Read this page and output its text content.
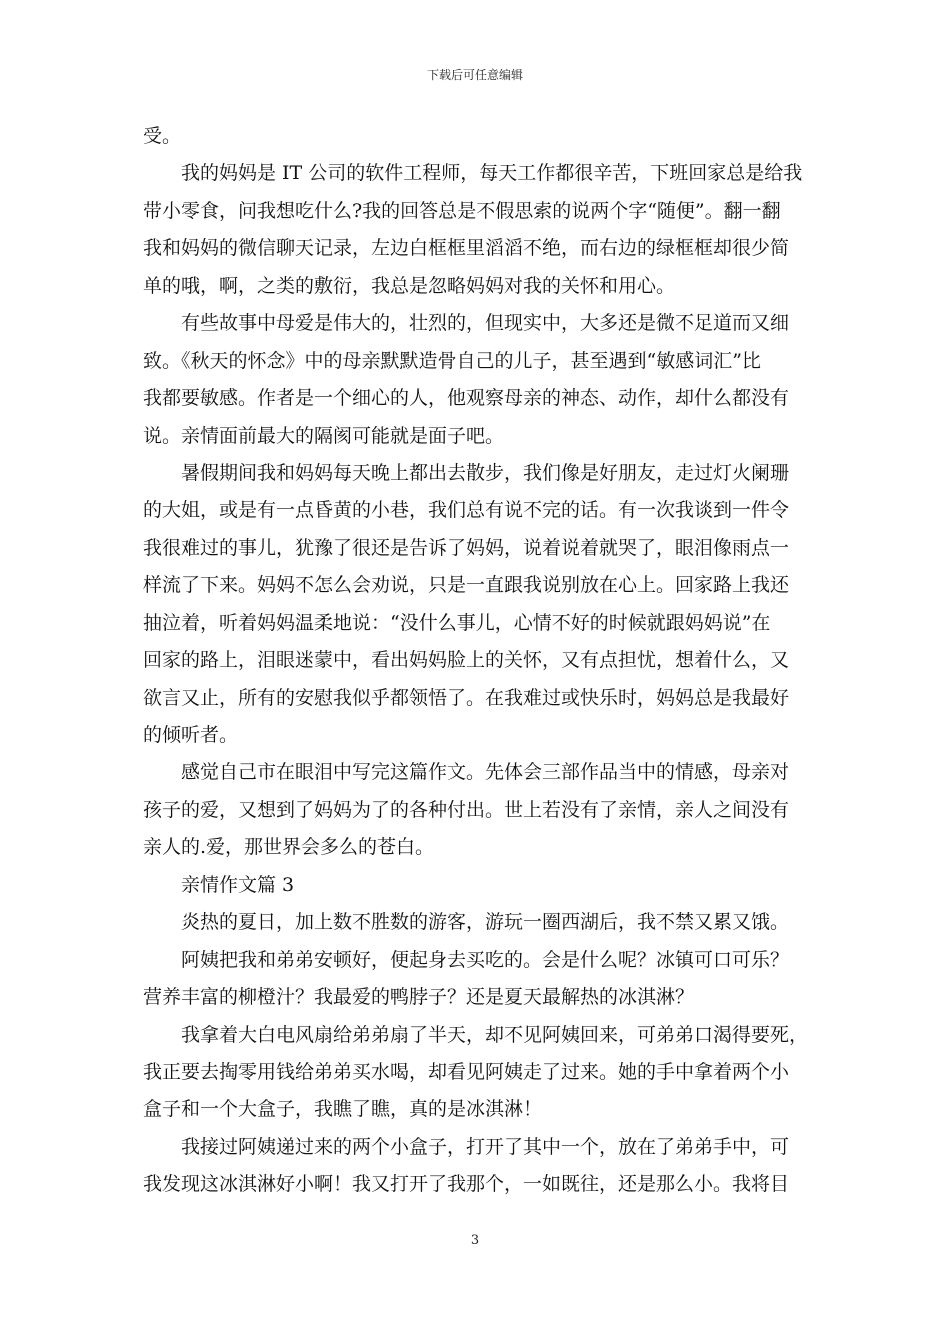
下载后可任意编辑
受。
我的妈妈是 IT 公司的软件工程师，每天工作都很辛苦，下班回家总是给我
带小零食，问我想吃什么?我的回答总是不假思索的说两个字“随便”。翻一翻
我和妈妈的微信聊天记录，左边白框框里滔滔不绝，而右边的绿框框却很少简
单的哦，啊，之类的敷衍，我总是忽略妈妈对我的关怀和用心。
有些故事中母爱是伟大的，壮烈的，但现实中，大多还是微不足道而又细
致。《秋天的怀念》中的母亲默默造骨自己的儿子，甚至遇到“敏感词汇”比
我都要敏感。作者是一个细心的人，他观察母亲的神态、动作，却什么都没有
说。亲情面前最大的隔阂可能就是面子吧。
暑假期间我和妈妈每天晚上都出去散步，我们像是好朋友，走过灯火阑珊
的大姐，或是有一点昏黄的小巷，我们总有说不完的话。有一次我谈到一件令
我很难过的事儿，犹豫了很还是告诉了妈妈，说着说着就哭了，眼泪像雨点一
样流了下来。妈妈不怎么会劝说，只是一直跟我说别放在心上。回家路上我还
抽泣着，听着妈妈温柔地说：“没什么事儿，心情不好的时候就跟妈妈说”在
回家的路上，泪眼迷蒙中，看出妈妈脸上的关怀，又有点担忧，想着什么，又
欲言又止，所有的安慰我似乎都领悟了。在我难过或快乐时，妈妈总是我最好
的倾听者。
感觉自己市在眼泪中写完这篇作文。先体会三部作品当中的情感，母亲对
孩子的爱，又想到了妈妈为了的各种付出。世上若没有了亲情，亲人之间没有
亲人的.爱，那世界会多么的苍白。
亲情作文篇 3
炎热的夏日，加上数不胜数的游客，游玩一圈西湖后，我不禁又累又饿。
阿姨把我和弟弟安顿好，便起身去买吃的。会是什么呢？冰镇可口可乐？
营养丰富的柳橙汁？我最爱的鸭脖子？还是夏天最解热的冰淇淋？
我拿着大白电风扇给弟弟扇了半天，却不见阿姨回来，可弟弟口渴得要死，
我正要去掏零用钱给弟弟买水喝，却看见阿姨走了过来。她的手中拿着两个小
盒子和一个大盒子，我瞧了瞧，真的是冰淇淋！
我接过阿姨递过来的两个小盒子，打开了其中一个，放在了弟弟手中，可
我发现这冰淇淋好小啊！我又打开了我那个，一如既往，还是那么小。我将目
3
